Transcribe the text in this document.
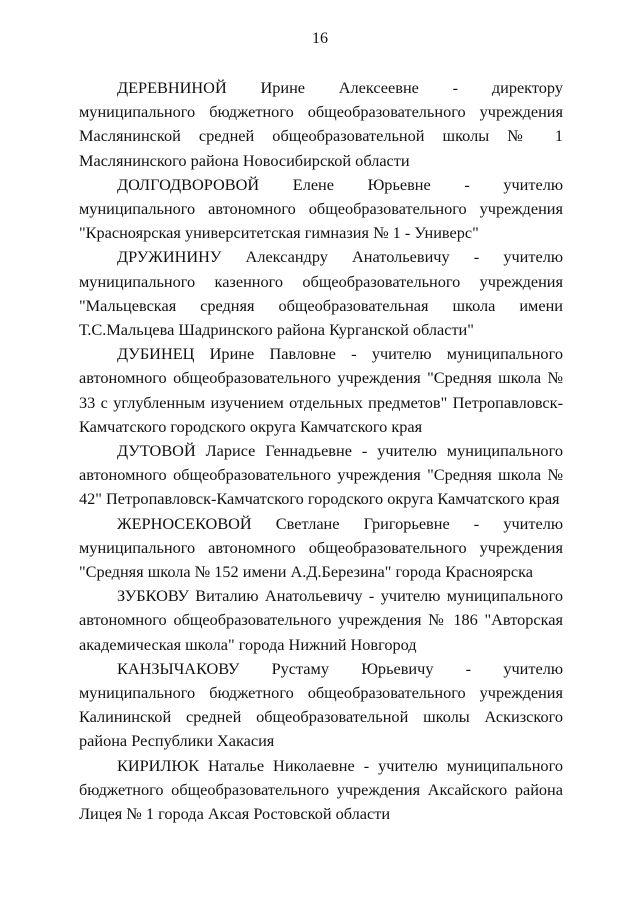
16

ДЕРЕВНИНОЙ Ирине Алексеевне - директору муниципального бюджетного общеобразовательного учреждения Маслянинской средней общеобразовательной школы № 1 Маслянинского района Новосибирской области

ДОЛГОДВОРОВОЙ Елене Юрьевне - учителю муниципального автономного общеобразовательного учреждения "Красноярская университетская гимназия № 1 - Универс"

ДРУЖИНИНУ Александру Анатольевичу - учителю муниципального казенного общеобразовательного учреждения "Мальцевская средняя общеобразовательная школа имени Т.С.Мальцева Шадринского района Курганской области"

ДУБИНЕЦ Ирине Павловне - учителю муниципального автономного общеобразовательного учреждения "Средняя школа № 33 с углубленным изучением отдельных предметов" Петропавловск-Камчатского городского округа Камчатского края

ДУТОВОЙ Ларисе Геннадьевне - учителю муниципального автономного общеобразовательного учреждения "Средняя школа № 42" Петропавловск-Камчатского городского округа Камчатского края

ЖЕРНОСЕКОВОЙ Светлане Григорьевне - учителю муниципального автономного общеобразовательного учреждения "Средняя школа № 152 имени А.Д.Березина" города Красноярска

ЗУБКОВУ Виталию Анатольевичу - учителю муниципального автономного общеобразовательного учреждения № 186 "Авторская академическая школа" города Нижний Новгород

КАНЗЫЧАКОВУ Рустаму Юрьевичу - учителю муниципального бюджетного общеобразовательного учреждения Калининской средней общеобразовательной школы Аскизского района Республики Хакасия

КИРИЛЮК Наталье Николаевне - учителю муниципального бюджетного общеобразовательного учреждения Аксайского района Лицея № 1 города Аксая Ростовской области
